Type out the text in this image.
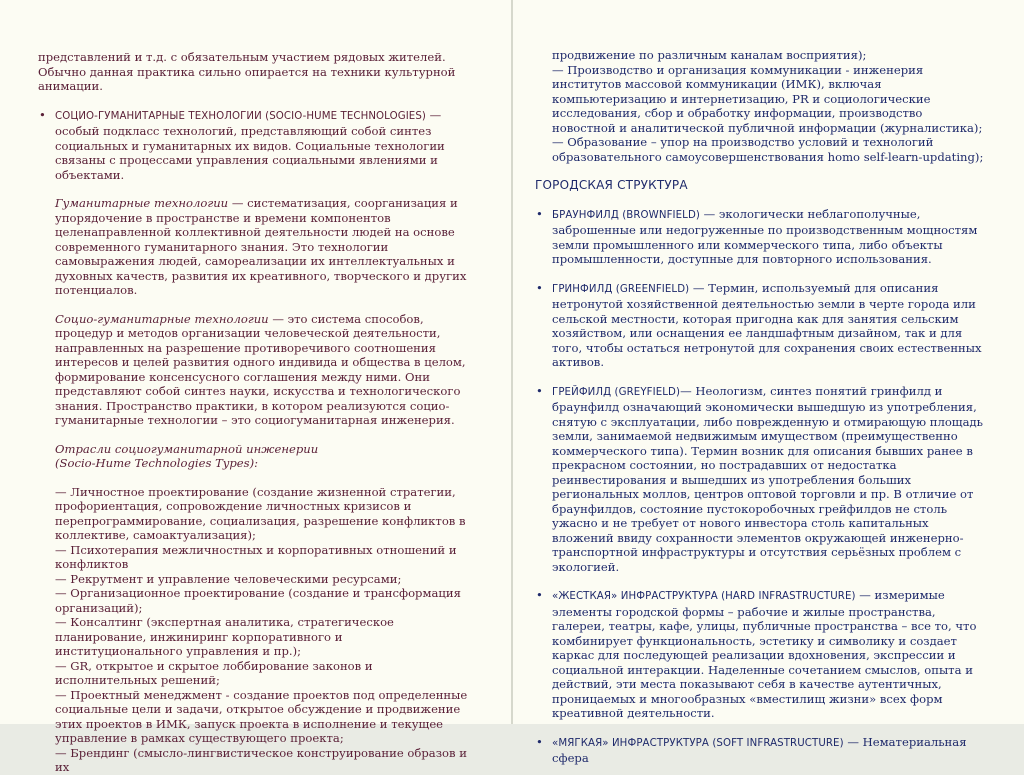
представлений и т.д. с обязательным участием рядовых жителей. Обычно данная практика сильно опирается на техники культурной анимации.

• СОЦИО-ГУМАНИТАРНЫЕ ТЕХНОЛОГИИ (SOCIO-HUME TECHNOLOGIES) — особый подкласс технологий, представляющий собой синтез социальных и гуманитарных их видов. Социальные технологии связаны с процессами управления социальными явлениями и объектами.

Гуманитарные технологии — систематизация, соорганизация и упорядочение в пространстве и времени компонентов целенаправленной коллективной деятельности людей на основе современного гуманитарного знания. Это технологии самовыражения людей, самореализации их интеллектуальных и духовных качеств, развития их креативного, творческого и других потенциалов.

Социо-гуманитарные технологии — это система способов, процедур и методов организации человеческой деятельности, направленных на разрешение противоречивого соотношения интересов и целей развития одного индивида и общества в целом, формирование консенсусного соглашения между ними. Они представляют собой синтез науки, искусства и технологического знания. Пространство практики, в котором реализуются социо-гуманитарные технологии – это социогуманитарная инженерия.

Отрасли социогуманитарной инженерии

(Socio-Hume Technologies Types):

— Личностное проектирование (создание жизненной стратегии, профориентация, сопровождение личностных кризисов и перепрограммирование, социализация, разрешение конфликтов в коллективе, самоактуализация);
— Психотерапия межличностных и корпоративных отношений и конфликтов
— Рекрутмент и управление человеческими ресурсами;
— Организационное проектирование (создание и трансформация организаций);
— Консалтинг (экспертная аналитика, стратегическое планирование, инжиниринг корпоративного и институционального управления и пр.);
— GR, открытое и скрытое лоббирование законов и исполнительных решений;
— Проектный менеджмент - создание проектов под определенные социальные цели и задачи, открытое обсуждение и продвижение этих проектов в ИМК, запуск проекта в исполнение и текущее управление в рамках существующего проекта;
— Брендинг (смысло-лингвистическое конструирование образов и их

продвижение по различным каналам восприятия);
— Производство и организация коммуникации - инженерия институтов массовой коммуникации (ИМК), включая компьютеризацию и интернетизацию, PR и социологические исследования, сбор и обработку информации, производство новостной и аналитической публичной информации (журналистика);
— Образование – упор на производство условий и технологий образовательного самоусовершенствования homo self-learn-updating);

ГОРОДСКАЯ СТРУКТУРА

• БРАУНФИЛД (BROWNFIELD) — экологически неблагополучные, заброшенные или недогруженные по производственным мощностям земли промышленного или коммерческого типа, либо объекты промышленности, доступные для повторного использования.

• ГРИНФИЛД (GREENFIELD) — Термин, используемый для описания нетронутой хозяйственной деятельностью земли в черте города или сельской местности, которая пригодна как для занятия сельским хозяйством, или оснащения ее ландшафтным дизайном, так и для того, чтобы остаться нетронутой для сохранения своих естественных активов.

• ГРЕЙФИЛД (GREYFIELD)— Неологизм, синтез понятий гринфилд и браунфилд означающий экономически вышедшую из употребления, снятую с эксплуатации, либо поврежденную и отмирающую площадь земли, занимаемой недвижимым имуществом (преимущественно коммерческого типа). Термин возник для описания бывших ранее в прекрасном состоянии, но пострадавших от недостатка реинвестирования и вышедших из употребления больших региональных моллов, центров оптовой торговли и пр. В отличие от браунфилдов, состояние пустокоробочных грейфилдов не столь ужасно и не требует от нового инвестора столь капитальных вложений ввиду сохранности элементов окружающей инженерно-транспортной инфраструктуры и отсутствия серьёзных проблем с экологией.

• «ЖЕСТКАЯ» ИНФРАСТРУКТУРА (HARD INFRASTRUCTURE) — измеримые элементы городской формы – рабочие и жилые пространства, галереи, театры, кафе, улицы, публичные пространства – все то, что комбинирует функциональность, эстетику и символику и создает каркас для последующей реализации вдохновения, экспрессии и социальной интеракции. Наделенные сочетанием смыслов, опыта и действий, эти места показывают себя в качестве аутентичных, проницаемых и многообразных «вместилищ жизни» всех форм креативной деятельности.

• «МЯГКАЯ» ИНФРАСТРУКТУРА (SOFT INFRASTRUCTURE) — Нематериальная сфера
